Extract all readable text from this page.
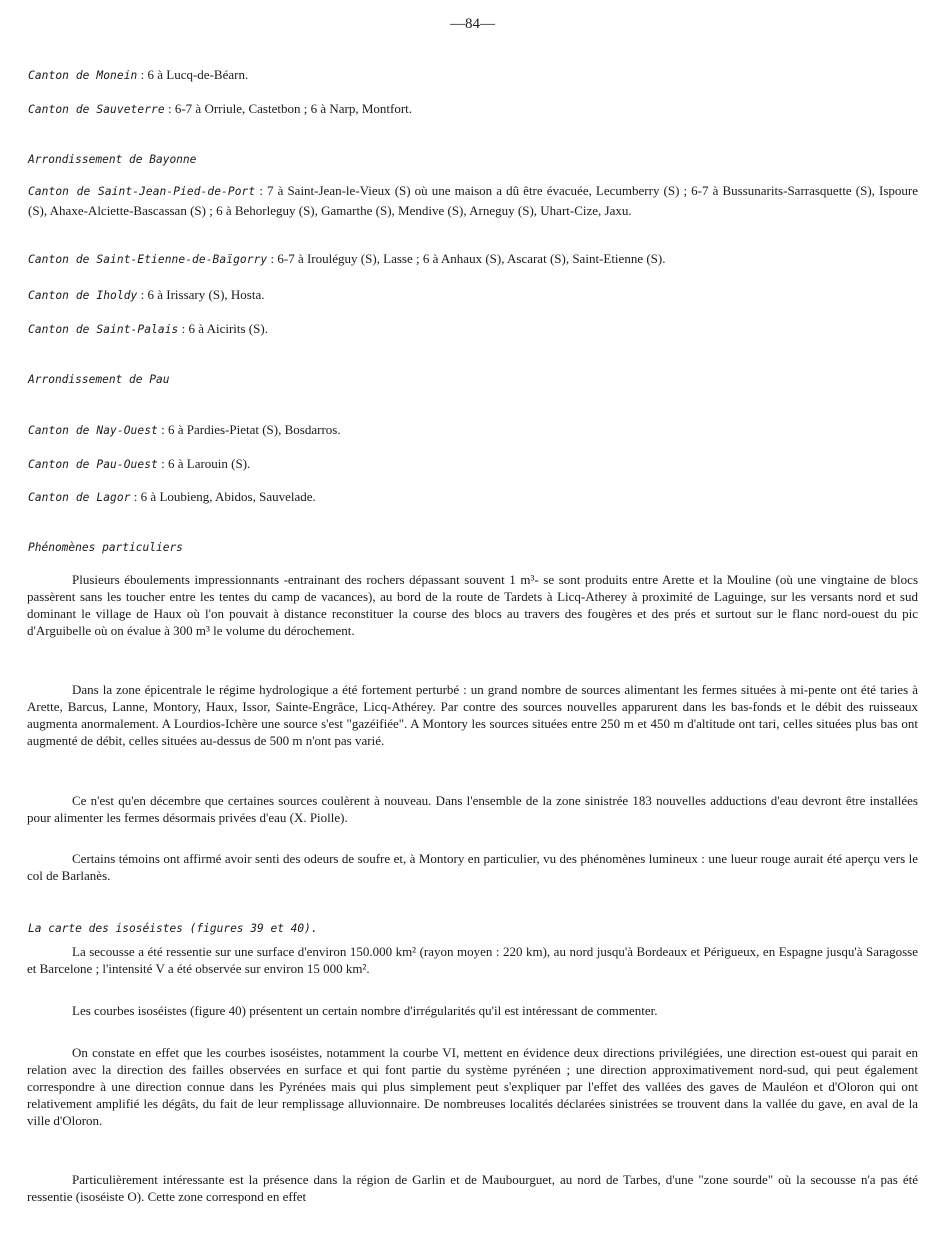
—84—
Canton de Monein : 6 à Lucq-de-Béarn.
Canton de Sauveterre : 6-7 à Orriule, Castetbon ; 6 à Narp, Montfort.
Arrondissement de Bayonne
Canton de Saint-Jean-Pied-de-Port : 7 à Saint-Jean-le-Vieux (S) où une maison a dû être évacuée, Lecumberry (S) ; 6-7 à Bussunarits-Sarrasquette (S), Ispoure (S), Ahaxe-Alciette-Bascassan (S) ; 6 à Behorleguy (S), Gamarthe (S), Mendive (S), Arneguy (S), Uhart-Cize, Jaxu.
Canton de Saint-Etienne-de-Baïgorry : 6-7 à Irouléguy (S), Lasse ; 6 à Anhaux (S), Ascarat (S), Saint-Etienne (S).
Canton de Iholdy : 6 à Irissary (S), Hosta.
Canton de Saint-Palais : 6 à Aicirits (S).
Arrondissement de Pau
Canton de Nay-Ouest : 6 à Pardies-Pietat (S), Bosdarros.
Canton de Pau-Ouest : 6 à Larouin (S).
Canton de Lagor : 6 à Loubieng, Abidos, Sauvelade.
Phénomènes particuliers
Plusieurs éboulements impressionnants -entrainant des rochers dépassant souvent 1 m³- se sont produits entre Arette et la Mouline (où une vingtaine de blocs passèrent sans les toucher entre les tentes du camp de vacances), au bord de la route de Tardets à Licq-Atherey à proximité de Laguinge, sur les versants nord et sud dominant le village de Haux où l'on pouvait à distance reconstituer la course des blocs au travers des fougères et des prés et surtout sur le flanc nord-ouest du pic d'Arguibelle où on évalue à 300 m³ le volume du dérochement.
Dans la zone épicentrale le régime hydrologique a été fortement perturbé : un grand nombre de sources alimentant les fermes situées à mi-pente ont été taries à Arette, Barcus, Lanne, Montory, Haux, Issor, Sainte-Engrâce, Licq-Athérey. Par contre des sources nouvelles apparurent dans les bas-fonds et le débit des ruisseaux augmenta anormalement. A Lourdios-Ichère une source s'est "gazéifiée". A Montory les sources situées entre 250 m et 450 m d'altitude ont tari, celles situées plus bas ont augmenté de débit, celles situées au-dessus de 500 m n'ont pas varié.
Ce n'est qu'en décembre que certaines sources coulèrent à nouveau. Dans l'ensemble de la zone sinistrée 183 nouvelles adductions d'eau devront être installées pour alimenter les fermes désormais privées d'eau (X. Piolle).
Certains témoins ont affirmé avoir senti des odeurs de soufre et, à Montory en particulier, vu des phénomènes lumineux : une lueur rouge aurait été aperçu vers le col de Barlanès.
La carte des isoséistes (figures 39 et 40).
La secousse a été ressentie sur une surface d'environ 150.000 km² (rayon moyen : 220 km), au nord jusqu'à Bordeaux et Périgueux, en Espagne jusqu'à Saragosse et Barcelone ; l'intensité V a été observée sur environ 15 000 km².
Les courbes isoséistes (figure 40) présentent un certain nombre d'irrégularités qu'il est intéressant de commenter.
On constate en effet que les courbes isoséistes, notamment la courbe VI, mettent en évidence deux directions privilégiées, une direction est-ouest qui parait en relation avec la direction des failles observées en surface et qui font partie du système pyrénéen ; une direction approximativement nord-sud, qui peut également correspondre à une direction connue dans les Pyrénées mais qui plus simplement peut s'expliquer par l'effet des vallées des gaves de Mauléon et d'Oloron qui ont relativement amplifié les dégâts, du fait de leur remplissage alluvionnaire. De nombreuses localités déclarées sinistrées se trouvent dans la vallée du gave, en aval de la ville d'Oloron.
Particulièrement intéressante est la présence dans la région de Garlin et de Maubourguet, au nord de Tarbes, d'une "zone sourde" où la secousse n'a pas été ressentie (isoséiste O). Cette zone correspond en effet
